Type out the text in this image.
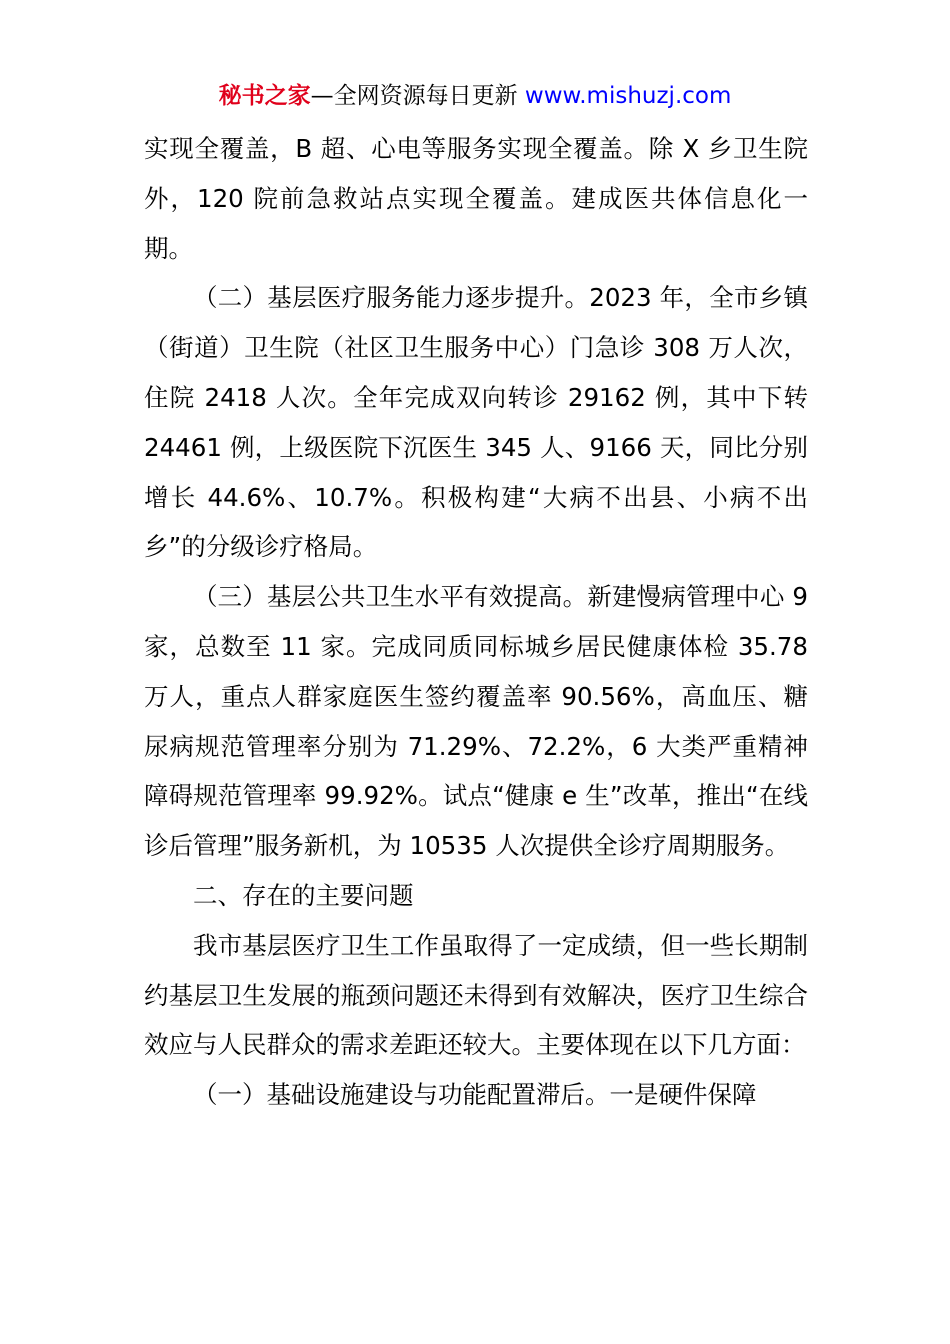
秘书之家—全网资源每日更新 www.mishuzj.com

实现全覆盖，B 超、心电等服务实现全覆盖。除 X 乡卫生院外，120 院前急救站点实现全覆盖。建成医共体信息化一期。

（二）基层医疗服务能力逐步提升。2023 年，全市乡镇（街道）卫生院（社区卫生服务中心）门急诊 308 万人次，住院 2418 人次。全年完成双向转诊 29162 例，其中下转 24461 例，上级医院下沉医生 345 人、9166 天，同比分别增长 44.6%、10.7%。积极构建“大病不出县、小病不出乡”的分级诊疗格局。

（三）基层公共卫生水平有效提高。新建慢病管理中心 9 家，总数至 11 家。完成同质同标城乡居民健康体检 35.78 万人，重点人群家庭医生签约覆盖率 90.56%，高血压、糖尿病规范管理率分别为 71.29%、72.2%，6 大类严重精神障碍规范管理率 99.92%。试点“健康 e 生”改革，推出“在线诊后管理”服务新机，为 10535 人次提供全诊疗周期服务。

二、存在的主要问题

我市基层医疗卫生工作虽取得了一定成绩，但一些长期制约基层卫生发展的瓶颈问题还未得到有效解决，医疗卫生综合效应与人民群众的需求差距还较大。主要体现在以下几方面：

（一）基础设施建设与功能配置滞后。一是硬件保障
